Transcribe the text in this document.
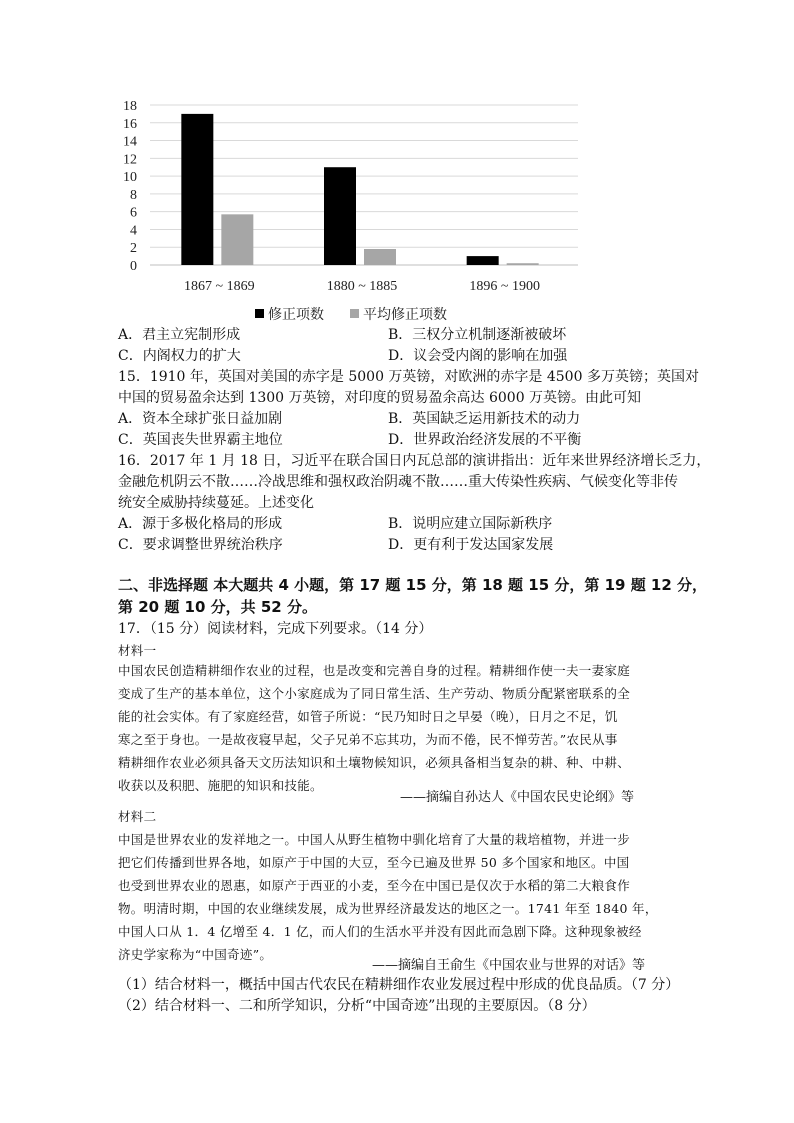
0
2
4
6
8
10
12
14
16
18
1867 ~ 1869	1880 ~ 1885	1896 ~ 1900
修正项数	平均修正项数
A．君主立宪制形成	B．三权分立机制逐渐被破坏
C．内阁权力的扩大	D．议会受内阁的影响在加强
15．1910 年，英国对美国的赤字是 5000 万英镑，对欧洲的赤字是 4500 多万英镑；英国对
中国的贸易盈余达到 1300 万英镑，对印度的贸易盈余高达 6000 万英镑。由此可知
A．资本全球扩张日益加剧	B．英国缺乏运用新技术的动力
C．英国丧失世界霸主地位	D．世界政治经济发展的不平衡
16．2017 年 1 月 18 日，习近平在联合国日内瓦总部的演讲指出：近年来世界经济增长乏力，
金融危机阴云不散……冷战思维和强权政治阴魂不散……重大传染性疾病、气候变化等非传
统安全威胁持续蔓延。上述变化
A．源于多极化格局的形成	B．说明应建立国际新秩序
C．要求调整世界统治秩序	D．更有利于发达国家发展
二、非选择题 本大题共 4 小题，第 17 题 15 分，第 18 题 15 分，第 19 题 12 分，
第 20 题 10 分，共 52 分。
17．（15 分）阅读材料，完成下列要求。（14 分）
材料一
中国农民创造精耕细作农业的过程，也是改变和完善自身的过程。精耕细作使一夫一妻家庭
变成了生产的基本单位，这个小家庭成为了同日常生活、生产劳动、物质分配紧密联系的全
能的社会实体。有了家庭经营，如管子所说：“民乃知时日之早晏（晚），日月之不足，饥
寒之至于身也。一是故夜寝早起，父子兄弟不忘其功，为而不倦，民不惮劳苦。”农民从事
精耕细作农业必须具备天文历法知识和土壤物候知识，必须具备相当复杂的耕、种、中耕、
收获以及积肥、施肥的知识和技能。
——摘编自孙达人《中国农民史论纲》等
材料二
中国是世界农业的发祥地之一。中国人从野生植物中驯化培育了大量的栽培植物，并进一步
把它们传播到世界各地，如原产于中国的大豆，至今已遍及世界 50 多个国家和地区。中国
也受到世界农业的恩惠，如原产于西亚的小麦，至今在中国已是仅次于水稻的第二大粮食作
物。明清时期，中国的农业继续发展，成为世界经济最发达的地区之一。1741 年至 1840 年，
中国人口从 1．4 亿增至 4．1 亿，而人们的生活水平并没有因此而急剧下降。这种现象被经
济史学家称为“中国奇迹”。
——摘编自王俞生《中国农业与世界的对话》等
（1）结合材料一，概括中国古代农民在精耕细作农业发展过程中形成的优良品质。（7 分）
（2）结合材料一、二和所学知识，分析“中国奇迹”出现的主要原因。（8 分）
